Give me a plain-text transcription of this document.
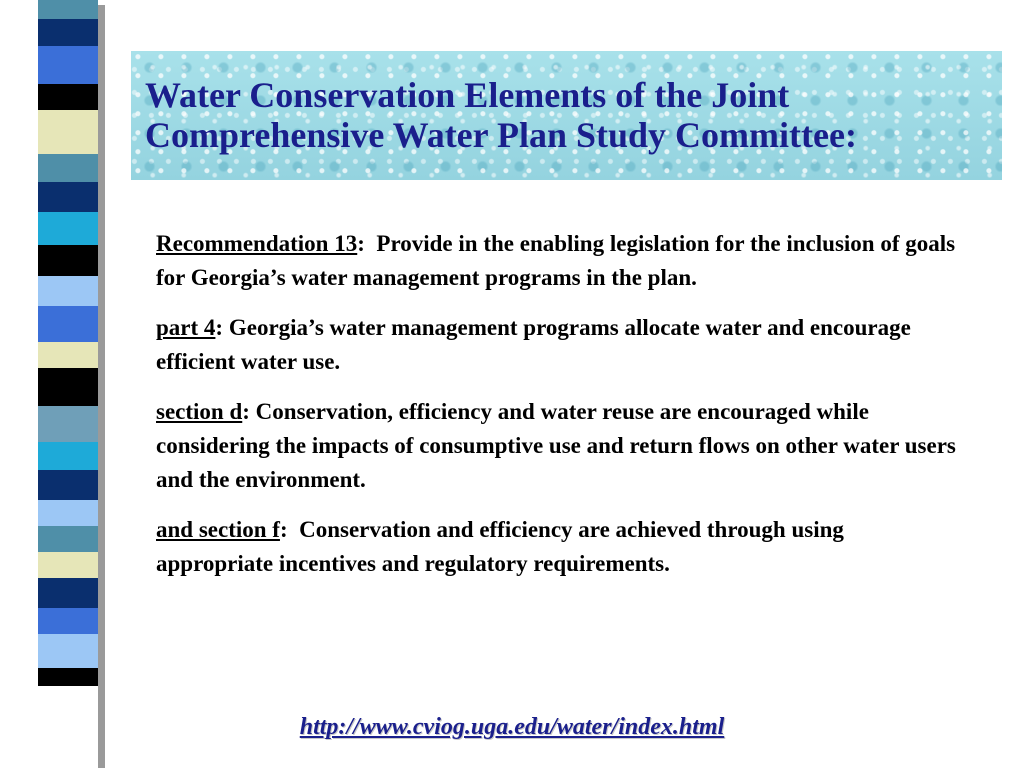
Water Conservation Elements of the Joint Comprehensive Water Plan Study Committee:

Recommendation 13:  Provide in the enabling legislation for the inclusion of goals for Georgia’s water management programs in the plan.

part 4: Georgia’s water management programs allocate water and encourage efficient water use.

section d: Conservation, efficiency and water reuse are encouraged while considering the impacts of consumptive use and return flows on other water users and the environment.

and section f:  Conservation and efficiency are achieved through using appropriate incentives and regulatory requirements.

http://www.cviog.uga.edu/water/index.html
